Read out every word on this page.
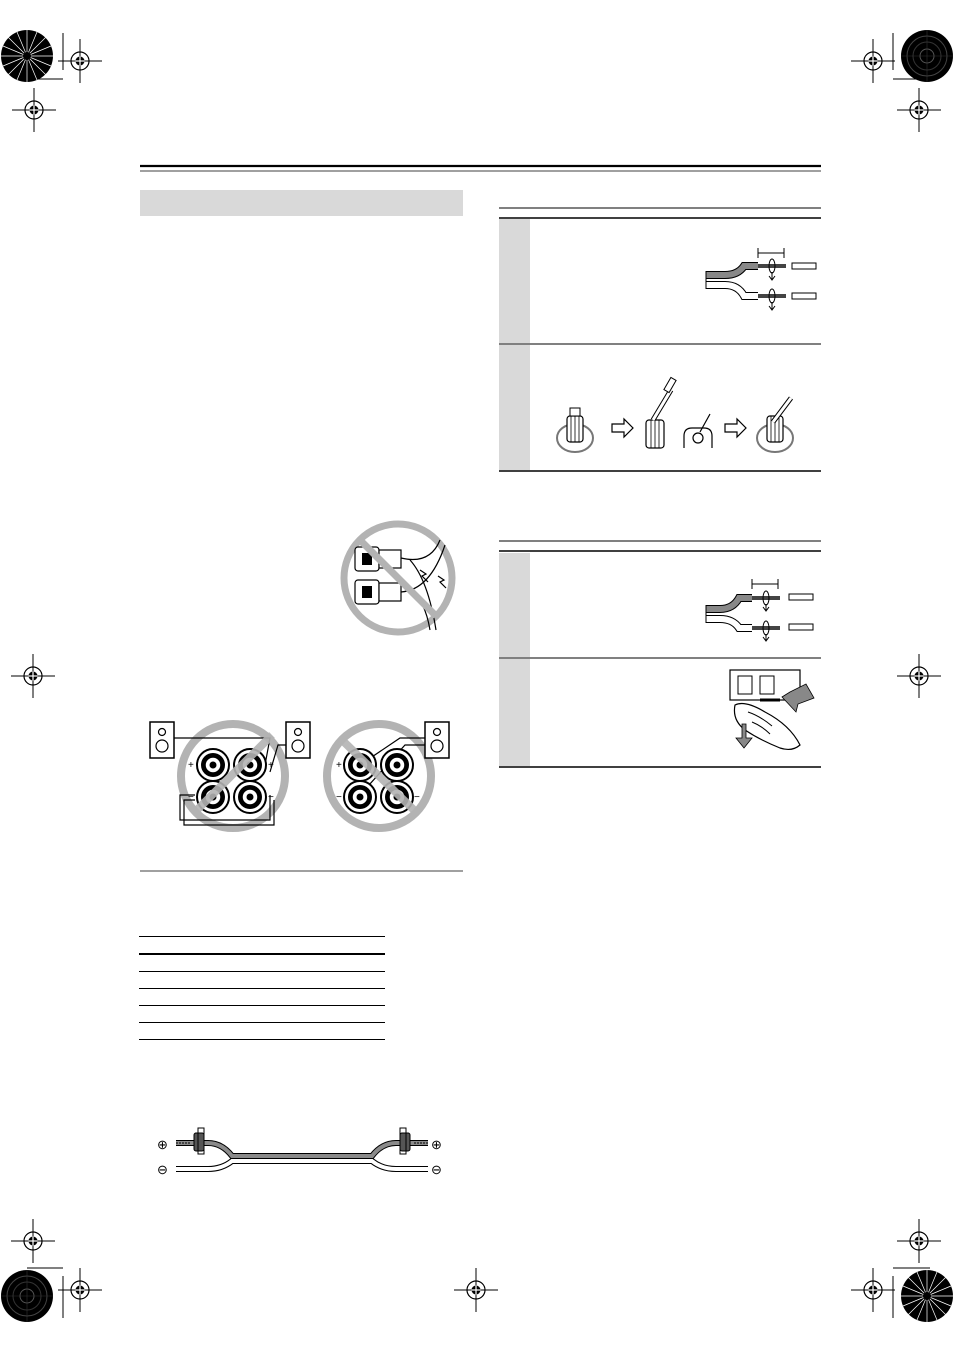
+
−
+
−
+
−	−
⊕
⊖
⊕
⊖
